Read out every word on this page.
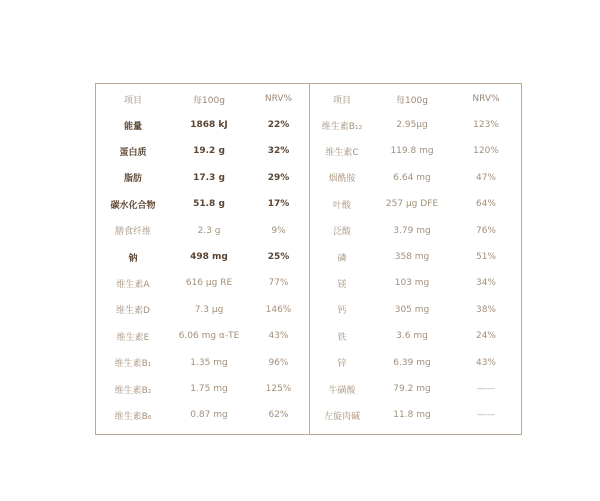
项目	每100g	NRV%
能量	1868 kJ	22%
蛋白质	19.2 g	32%
脂肪	17.3 g	29%
碳水化合物	51.8 g	17%
膳食纤维	2.3 g	9%
钠	498 mg	25%
维生素A	616 μg RE	77%
维生素D	7.3 μg	146%
维生素E	6.06 mg α-TE	43%
维生素B₁	1.35 mg	96%
维生素B₂	1.75 mg	125%
维生素B₆	0.87 mg	62%
项目	每100g	NRV%
维生素B₁₂	2.95μg	123%
维生素C	119.8 mg	120%
烟酰胺	6.64 mg	47%
叶酸	257 μg DFE	64%
泛酸	3.79 mg	76%
磷	358 mg	51%
镁	103 mg	34%
钙	305 mg	38%
铁	3.6 mg	24%
锌	6.39 mg	43%
牛磺酸	79.2 mg	——
左旋肉碱	11.8 mg	——
